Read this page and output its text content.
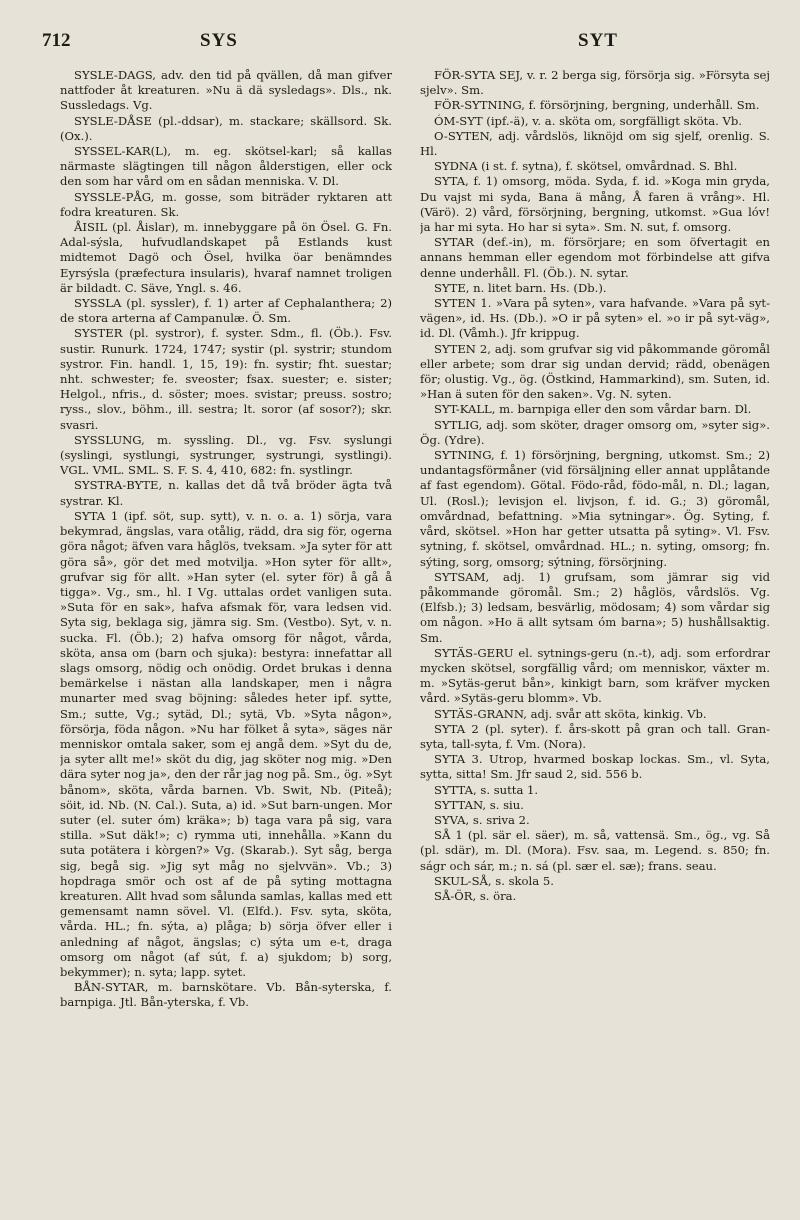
712	SYS	SYT

SYSLE-DAGS, adv. den tid på qvällen, då man gifver nattfoder åt kreaturen. »Nu ä dä sysledags». Dls., nk. Sussledags. Vg.

SYSLE-DÅSE (pl.-ddsar), m. stackare; skällsord. Sk. (Ox.).

SYSSEL-KAR(L), m. eg. skötsel-karl; så kallas närmaste slägtingen till någon ålderstigen, eller ock den som har vård om en sådan menniska. V. Dl.

SYSSLE-PÅG, m. gosse, som biträder ryktaren att fodra kreaturen. Sk.

ÅISIL (pl. Åislar), m. innebyggare på ön Ösel. G. Fn. Adal-sýsla, hufvudlandskapet på Estlands kust midtemot Dagö och Ösel, hvilka öar benämndes Eyrsýsla (præfectura insularis), hvaraf namnet troligen är bildadt. C. Säve, Yngl. s. 46.

SYSSLA (pl. syssler), f. 1) arter af Cephalanthera; 2) de stora arterna af Campanulæ. Ö. Sm.

SYSTER (pl. systror), f. syster. Sdm., fl. (Öb.). Fsv. sustir. Runurk. 1724, 1747; systir (pl. systrir; stundom systror. Fin. handl. 1, 15, 19): fn. systir; fht. suestar; nht. schwester; fe. sveoster; fsax. suester; e. sister; Helgol., nfris., d. söster; moes. svistar; preuss. sostro; ryss., slov., böhm., ill. sestra; lt. soror (af sosor?); skr. svasri.

SYSSLUNG, m. syssling. Dl., vg. Fsv. syslungi (syslingi, systlungi, systrunger, systrungi, systlingi). VGL. VML. SML. S. F. S. 4, 410, 682: fn. systlingr.

SYSTRA-BYTE, n. kallas det då två bröder ägta två systrar. Kl.

SYTA 1 (ipf. söt, sup. sytt), v. n. o. a. 1) sörja, vara bekymrad, ängslas, vara otålig, rädd, dra sig för, ogerna göra något; äfven vara håglös, tveksam. »Ja syter för att göra så», gör det med motvilja. »Hon syter för allt», grufvar sig för allt. »Han syter (el. syter för) å gå å tigga». Vg., sm., hl. I Vg. uttalas ordet vanligen suta. »Suta för en sak», hafva afsmak för, vara ledsen vid. Syta sig, beklaga sig, jämra sig. Sm. (Vestbo). Syt, v. n. sucka. Fl. (Öb.); 2) hafva omsorg för något, vårda, sköta, ansa om (barn och sjuka): bestyra: innefattar all slags omsorg, nödig och onödig. Ordet brukas i denna bemärkelse i nästan alla landskaper, men i några munarter med svag böjning: således heter ipf. sytte, Sm.; sutte, Vg.; sytäd, Dl.; sytä, Vb. »Syta någon», försörja, föda någon. »Nu har fölket å syta», säges när menniskor omtala saker, som ej angå dem. »Syt du de, ja syter allt me!» sköt du dig, jag sköter nog mig. »Den dära syter nog ja», den der rår jag nog på. Sm., ög. »Syt bånom», sköta, vårda barnen. Vb. Swit, Nb. (Piteå); söit, id. Nb. (N. Cal.). Suta, a) id. »Sut barn-ungen. Mor suter (el. suter óm) kräka»; b) taga vara på sig, vara stilla. »Sut däk!»; c) rymma uti, innehålla. »Kann du suta potätera i kòrgen?» Vg. (Skarab.). Syt såg, berga sig, begå sig. »Jig syt måg no sjelvvän». Vb.; 3) hopdraga smör och ost af de på syting mottagna kreaturen. Allt hvad som sålunda samlas, kallas med ett gemensamt namn sövel. Vl. (Elfd.). Fsv. syta, sköta, vårda. HL.; fn. sýta, a) plåga; b) sörja öfver eller i anledning af något, ängslas; c) sýta um e-t, draga omsorg om något (af sút, f. a) sjukdom; b) sorg, bekymmer); n. syta; lapp. sytet.

BÅN-SYTAR, m. barnskötare. Vb. Bån-syterska, f. barnpiga. Jtl. Bån-yterska, f. Vb.

FÖR-SYTA SEJ, v. r. 2 berga sig, försörja sig. »Försyta sej sjelv». Sm.

FÖR-SYTNING, f. försörjning, bergning, underhåll. Sm.

ÓM-SYT (ipf.-ä), v. a. sköta om, sorgfälligt sköta. Vb.

O-SYTEN, adj. vårdslös, liknöjd om sig sjelf, orenlig. S. Hl.

SYDNA (i st. f. sytna), f. skötsel, omvårdnad. S. Bhl.

SYTA, f. 1) omsorg, möda. Syda, f. id. »Koga min gryda, Du vajst mi syda, Bana ä mång, Å faren ä vrång». Hl. (Värö). 2) vård, försörjning, bergning, utkomst. »Gua lóv! ja har mi syta. Ho har si syta». Sm. N. sut, f. omsorg.

SYTAR (def.-in), m. försörjare; en som öfvertagit en annans hemman eller egendom mot förbindelse att gifva denne underhåll. Fl. (Öb.). N. sytar.

SYTE, n. litet barn. Hs. (Db.).

SYTEN 1. »Vara på syten», vara hafvande. »Vara på syt-vägen», id. Hs. (Db.). »O ir på syten» el. »o ir på syt-väg», id. Dl. (Våmh.). Jfr krippug.

SYTEN 2, adj. som grufvar sig vid påkommande göromål eller arbete; som drar sig undan dervid; rädd, obenägen för; olustig. Vg., ög. (Östkind, Hammarkind), sm. Suten, id. »Han ä suten för den saken». Vg. N. syten.

SYT-KALL, m. barnpiga eller den som vårdar barn. Dl.

SYTLIG, adj. som sköter, drager omsorg om, »syter sig». Ög. (Ydre).

SYTNING, f. 1) försörjning, bergning, utkomst. Sm.; 2) undantagsförmåner (vid försäljning eller annat upplåtande af fast egendom). Götal. Födo-råd, födo-mål, n. Dl.; lagan, Ul. (Rosl.); levisjon el. livjson, f. id. G.; 3) göromål, omvårdnad, befattning. »Mia sytningar». Ög. Syting, f. vård, skötsel. »Hon har getter utsatta på syting». Vl. Fsv. sytning, f. skötsel, omvårdnad. HL.; n. syting, omsorg; fn. sýting, sorg, omsorg; sýtning, försörjning.

SYTSAM, adj. 1) grufsam, som jämrar sig vid påkommande göromål. Sm.; 2) håglös, vårdslös. Vg. (Elfsb.); 3) ledsam, besvärlig, mödosam; 4) som vårdar sig om någon. »Ho ä allt sytsam óm barna»; 5) hushållsaktig. Sm.

SYTÄS-GERU el. sytnings-geru (n.-t), adj. som erfordrar mycken skötsel, sorgfällig vård; om menniskor, växter m. m. »Sytäs-gerut bån», kinkigt barn, som kräfver mycken vård. »Sytäs-geru blomm». Vb.

SYTÄS-GRANN, adj. svår att sköta, kinkig. Vb.

SYTA 2 (pl. syter). f. års-skott på gran och tall. Gran-syta, tall-syta, f. Vm. (Nora).

SYTA 3. Utrop, hvarmed boskap lockas. Sm., vl. Syta, sytta, sitta! Sm. Jfr saud 2, sid. 556 b.

SYTTA, s. sutta 1.

SYTTAN, s. siu.

SYVA, s. sriva 2.

SÅ 1 (pl. sär el. säer), m. så, vattensä. Sm., ög., vg. Så (pl. sdär), m. Dl. (Mora). Fsv. saa, m. Legend. s. 850; fn. ságr och sár, m.; n. sá (pl. sær el. sæ); frans. seau.

SKUL-SÅ, s. skola 5.

SÅ-ÖR, s. öra.
